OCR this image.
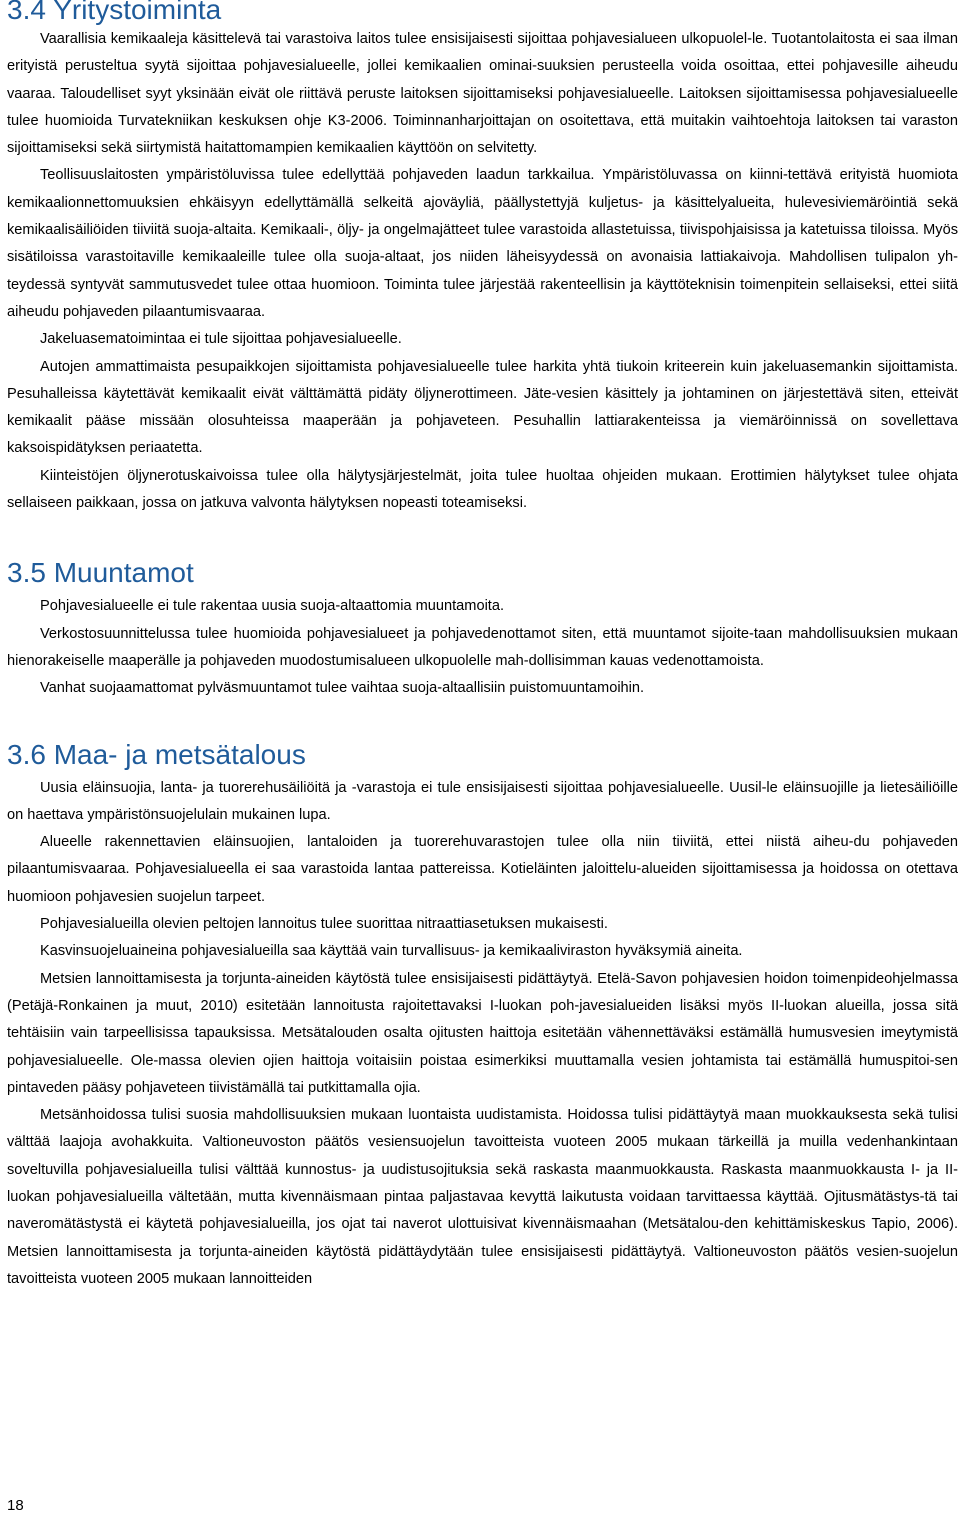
3.4 Yritystoiminta

Vaarallisia kemikaaleja käsittelevä tai varastoiva laitos tulee ensisijaisesti sijoittaa pohjavesialueen ulkopuolel-le. Tuotantolaitosta ei saa ilman erityistä perusteltua syytä sijoittaa pohjavesialueelle, jollei kemikaalien ominai-suuksien perusteella voida osoittaa, ettei pohjavesille aiheudu vaaraa. Taloudelliset syyt yksinään eivät ole riittävä peruste laitoksen sijoittamiseksi pohjavesialueelle. Laitoksen sijoittamisessa pohjavesialueelle tulee huomioida Turvatekniikan keskuksen ohje K3-2006. Toiminnanharjoittajan on osoitettava, että muitakin vaihtoehtoja laitoksen tai varaston sijoittamiseksi sekä siirtymistä haitattomampien kemikaalien käyttöön on selvitetty.

Teollisuuslaitosten ympäristöluvissa tulee edellyttää pohjaveden laadun tarkkailua. Ympäristöluvassa on kiinni-tettävä erityistä huomiota kemikaalionnettomuuksien ehkäisyyn edellyttämällä selkeitä ajoväyliä, päällystettyjä kuljetus- ja käsittelyalueita, hulevesiviemäröintiä sekä kemikaalisäiliöiden tiiviitä suoja-altaita. Kemikaali-, öljy- ja ongelmajätteet tulee varastoida allastetuissa, tiivispohjaisissa ja katetuissa tiloissa. Myös sisätiloissa varastoitaville kemikaaleille tulee olla suoja-altaat, jos niiden läheisyydessä on avonaisia lattiakaivoja. Mahdollisen tulipalon yh-teydessä syntyvät sammutusvedet tulee ottaa huomioon. Toiminta tulee järjestää rakenteellisin ja käyttöteknisin toimenpitein sellaiseksi, ettei siitä aiheudu pohjaveden pilaantumisvaaraa.

Jakeluasematoimintaa ei tule sijoittaa pohjavesialueelle.

Autojen ammattimaista pesupaikkojen sijoittamista pohjavesialueelle tulee harkita yhtä tiukoin kriteerein kuin jakeluasemankin sijoittamista. Pesuhalleissa käytettävät kemikaalit eivät välttämättä pidäty öljynerottimeen. Jäte-vesien käsittely ja johtaminen on järjestettävä siten, etteivät kemikaalit pääse missään olosuhteissa maaperään ja pohjaveteen. Pesuhallin lattiarakenteissa ja viemäröinnissä on sovellettava kaksoispidätyksen periaatetta.

Kiinteistöjen öljynerotuskaivoissa tulee olla hälytysjärjestelmät, joita tulee huoltaa ohjeiden mukaan. Erottimien hälytykset tulee ohjata sellaiseen paikkaan, jossa on jatkuva valvonta hälytyksen nopeasti toteamiseksi.

3.5 Muuntamot

Pohjavesialueelle ei tule rakentaa uusia suoja-altaattomia muuntamoita.

Verkostosuunnittelussa tulee huomioida pohjavesialueet ja pohjavedenottamot siten, että muuntamot sijoite-taan mahdollisuuksien mukaan hienorakeiselle maaperälle ja pohjaveden muodostumisalueen ulkopuolelle mah-dollisimman kauas vedenottamoista.

Vanhat suojaamattomat pylväsmuuntamot tulee vaihtaa suoja-altaallisiin puistomuuntamoihin.

3.6 Maa- ja metsätalous

Uusia eläinsuojia, lanta- ja tuorerehusäiliöitä ja -varastoja ei tule ensisijaisesti sijoittaa pohjavesialueelle. Uusil-le eläinsuojille ja lietesäiliöille on haettava ympäristönsuojelulain mukainen lupa.

Alueelle rakennettavien eläinsuojien, lantaloiden ja tuorerehuvarastojen tulee olla niin tiiviitä, ettei niistä aiheu-du pohjaveden pilaantumisvaaraa. Pohjavesialueella ei saa varastoida lantaa pattereissa. Kotieläinten jaloittelu-alueiden sijoittamisessa ja hoidossa on otettava huomioon pohjavesien suojelun tarpeet.

Pohjavesialueilla olevien peltojen lannoitus tulee suorittaa nitraattiasetuksen mukaisesti.

Kasvinsuojeluaineina pohjavesialueilla saa käyttää vain turvallisuus- ja kemikaaliviraston hyväksymiä aineita.

Metsien lannoittamisesta ja torjunta-aineiden käytöstä tulee ensisijaisesti pidättäytyä. Etelä-Savon pohjavesien hoidon toimenpideohjelmassa (Petäjä-Ronkainen ja muut, 2010) esitetään lannoitusta rajoitettavaksi I-luokan poh-javesialueiden lisäksi myös II-luokan alueilla, jossa sitä tehtäisiin vain tarpeellisissa tapauksissa. Metsätalouden osalta ojitusten haittoja esitetään vähennettäväksi estämällä humusvesien imeytymistä pohjavesialueelle. Ole-massa olevien ojien haittoja voitaisiin poistaa esimerkiksi muuttamalla vesien johtamista tai estämällä humuspitoi-sen pintaveden pääsy pohjaveteen tiivistämällä tai putkittamalla ojia.

Metsänhoidossa tulisi suosia mahdollisuuksien mukaan luontaista uudistamista. Hoidossa tulisi pidättäytyä maan muokkauksesta sekä tulisi välttää laajoja avohakkuita. Valtioneuvoston päätös vesiensuojelun tavoitteista vuoteen 2005 mukaan tärkeillä ja muilla vedenhankintaan soveltuvilla pohjavesialueilla tulisi välttää kunnostus- ja uudistusojituksia sekä raskasta maanmuokkausta. Raskasta maanmuokkausta I- ja II-luokan pohjavesialueilla vältetään, mutta kivennäismaan pintaa paljastavaa kevyttä laikutusta voidaan tarvittaessa käyttää. Ojitusmätästys-tä tai naveromätästystä ei käytetä pohjavesialueilla, jos ojat tai naverot ulottuisivat kivennäismaahan (Metsätalou-den kehittämiskeskus Tapio, 2006). Metsien lannoittamisesta ja torjunta-aineiden käytöstä pidättäydytään tulee ensisijaisesti pidättäytyä. Valtioneuvoston päätös vesien-suojelun tavoitteista vuoteen 2005 mukaan lannoitteiden

18
